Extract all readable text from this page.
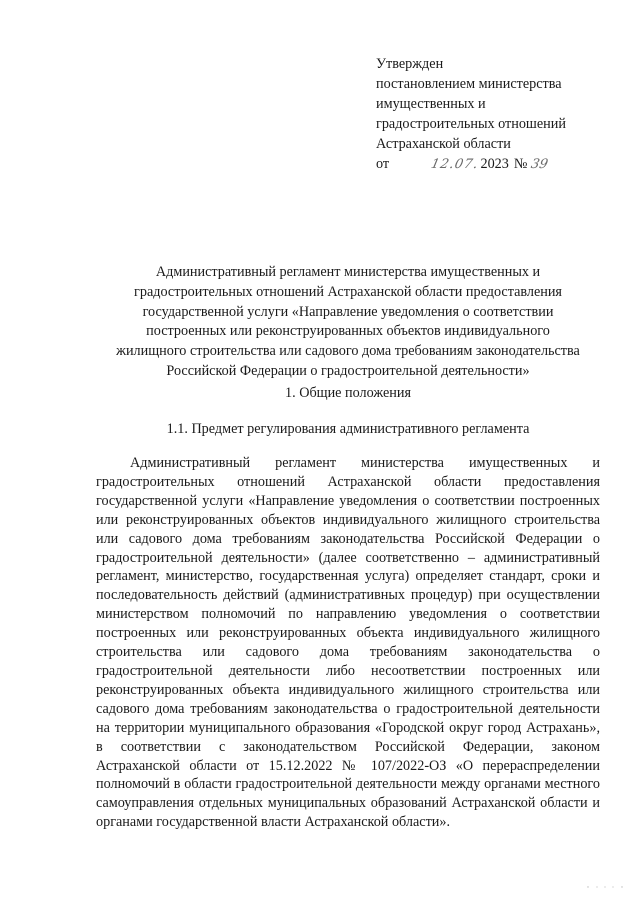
Утвержден
постановлением министерства
имущественных и
градостроительных отношений
Астраханской области
от	12.07. 2023 № 39
Административный регламент министерства имущественных и
градостроительных отношений Астраханской области предоставления
государственной услуги «Направление уведомления о соответствии
построенных или реконструированных объектов индивидуального
жилищного строительства или садового дома требованиям законодательства
Российской Федерации о градостроительной деятельности»
1. Общие положения
1.1. Предмет регулирования административного регламента
Административный регламент министерства имущественных и градостроительных отношений Астраханской области предоставления государственной услуги «Направление уведомления о соответствии построенных или реконструированных объектов индивидуального жилищного строительства или садового дома требованиям законодательства Российской Федерации о градостроительной деятельности» (далее соответственно – административный регламент, министерство, государственная услуга) определяет стандарт, сроки и последовательность действий (административных процедур) при осуществлении министерством полномочий по направлению уведомления о соответствии построенных или реконструированных объекта индивидуального жилищного строительства или садового дома требованиям законодательства о градостроительной деятельности либо несоответствии построенных или реконструированных объекта индивидуального жилищного строительства или садового дома требованиям законодательства о градостроительной деятельности на территории муниципального образования «Городской округ город Астрахань», в соответствии с законодательством Российской Федерации, законом Астраханской области от 15.12.2022 № 107/2022-ОЗ «О перераспределении полномочий в области градостроительной деятельности между органами местного самоуправления отдельных муниципальных образований Астраханской области и органами государственной власти Астраханской области».
